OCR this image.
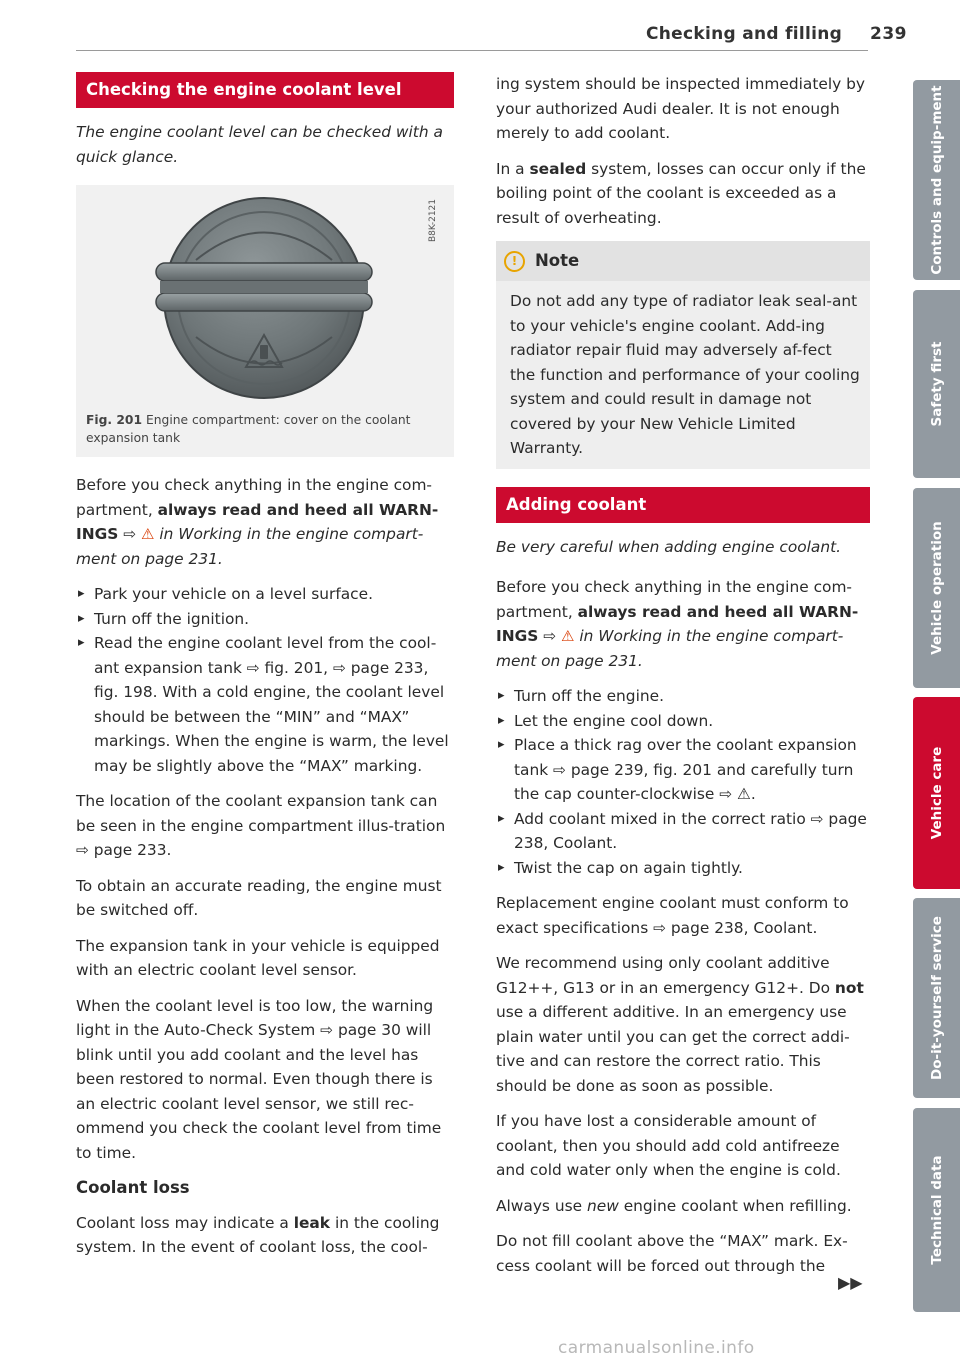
Checking and filling 239
Checking the engine coolant level

The engine coolant level can be checked with a quick glance.

B8K-2121
Fig. 201 Engine compartment: cover on the coolant expansion tank

Before you check anything in the engine com-partment, always read and heed all WARN-INGS ⇨ ⚠ in Working in the engine compart-ment on page 231.

▸ Park your vehicle on a level surface.
▸ Turn off the ignition.
▸ Read the engine coolant level from the cool-ant expansion tank ⇨ fig. 201, ⇨ page 233, fig. 198. With a cold engine, the coolant level should be between the “MIN” and “MAX” markings. When the engine is warm, the level may be slightly above the “MAX” marking.

The location of the coolant expansion tank can be seen in the engine compartment illus-tration ⇨ page 233.

To obtain an accurate reading, the engine must be switched off.

The expansion tank in your vehicle is equipped with an electric coolant level sensor.

When the coolant level is too low, the warning light in the Auto-Check System ⇨ page 30 will blink until you add coolant and the level has been restored to normal. Even though there is an electric coolant level sensor, we still rec-ommend you check the coolant level from time to time.

Coolant loss

Coolant loss may indicate a leak in the cooling system. In the event of coolant loss, the cool-

ing system should be inspected immediately by your authorized Audi dealer. It is not enough merely to add coolant.

In a sealed system, losses can occur only if the boiling point of the coolant is exceeded as a result of overheating.

!	Note
Do not add any type of radiator leak seal-ant to your vehicle's engine coolant. Add-ing radiator repair fluid may adversely af-fect the function and performance of your cooling system and could result in damage not covered by your New Vehicle Limited Warranty.
Adding coolant

Be very careful when adding engine coolant.

Before you check anything in the engine com-partment, always read and heed all WARN-INGS ⇨ ⚠ in Working in the engine compart-ment on page 231.

▸ Turn off the engine.
▸ Let the engine cool down.
▸ Place a thick rag over the coolant expansion tank ⇨ page 239, fig. 201 and carefully turn the cap counter-clockwise ⇨ ⚠.
▸ Add coolant mixed in the correct ratio ⇨ page 238, Coolant.
▸ Twist the cap on again tightly.

Replacement engine coolant must conform to exact specifications ⇨ page 238, Coolant.

We recommend using only coolant additive G12++, G13 or in an emergency G12+. Do not use a different additive. In an emergency use plain water until you can get the correct addi-tive and can restore the correct ratio. This should be done as soon as possible.

If you have lost a considerable amount of coolant, then you should add cold antifreeze and cold water only when the engine is cold.

Always use new engine coolant when refilling.

Do not fill coolant above the “MAX” mark. Ex-cess coolant will be forced out through the

▶▶
Controls and equip-ment
Safety first
Vehicle operation
Vehicle care
Do-it-yourself service
Technical data
carmanualsonline.info
